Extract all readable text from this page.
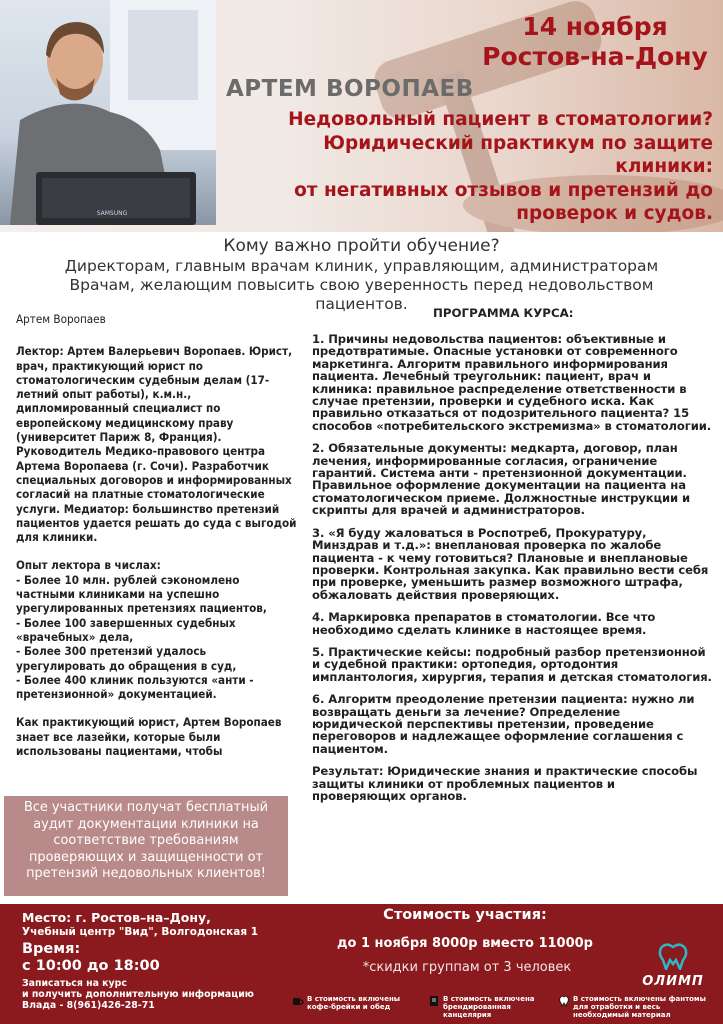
SAMSUNG
14 ноября
Ростов-на-Дону
АРТЕМ ВОРОПАЕВ
Недовольный пациент в стоматологии?
Юридический практикум по защите
клиники:
от негативных отзывов и претензий до
проверок и судов.
Кому важно пройти обучение?
Директорам, главным врачам клиник, управляющим, администраторам
Врачам, желающим повысить свою уверенность перед недовольством
пациентов.

Артем Воропаев

Лектор: Артем Валерьевич Воропаев. Юрист, врач, практикующий юрист по стоматологическим судебным делам (17-летний опыт работы), к.м.н., дипломированный специалист по европейскому медицинскому праву (университет Париж 8, Франция). Руководитель Медико-правового центра Артема Воропаева (г. Сочи). Разработчик специальных договоров и информированных согласий на платные стоматологические услуги. Медиатор: большинство претензий пациентов удается решать до суда с выгодой для клиники.

Опыт лектора в числах:
- Более 10 млн. рублей сэкономлено частными клиниками на успешно урегулированных претензиях пациентов,
- Более 100 завершенных судебных «врачебных» дела,
- Более 300 претензий удалось урегулировать до обращения в суд,
- Более 400 клиник пользуются «анти - претензионной» документацией.

Как практикующий юрист, Артем Воропаев знает все лазейки, которые были использованы пациентами, чтобы

Все участники получат бесплатный аудит документации клиники на соответствие требованиям проверяющих и защищенности от претензий недовольных клиентов!
ПРОГРАММА КУРСА:
1. Причины недовольства пациентов: объективные и предотвратимые. Опасные установки от современного маркетинга. Алгоритм правильного информирования пациента. Лечебный треугольник: пациент, врач и клиника: правильное распределение ответственности в случае претензии, проверки и судебного иска. Как правильно отказаться от подозрительного пациента? 15 способов «потребительского экстремизма» в стоматологии.
2. Обязательные документы: медкарта, договор, план лечения, информированные согласия, ограничение гарантий. Система анти - претензионной документации. Правильное оформление документации на пациента на стоматологическом приеме. Должностные инструкции и скрипты для врачей и администраторов.
3. «Я буду жаловаться в Роспотреб, Прокуратуру, Минздрав и т.д.»: внеплановая проверка по жалобе пациента - к чему готовиться? Плановые и внеплановые проверки. Контрольная закупка. Как правильно вести себя при проверке, уменьшить размер возможного штрафа, обжаловать действия проверяющих.
4. Маркировка препаратов в стоматологии. Все что необходимо сделать клинике в настоящее время.
5. Практические кейсы: подробный разбор претензионной и судебной практики: ортопедия, ортодонтия имплантология, хирургия, терапия и детская стоматология.
6. Алгоритм преодоление претензии пациента: нужно ли возвращать деньги за лечение? Определение юридической перспективы претензии, проведение переговоров и надлежащее оформление соглашения с пациентом.
Результат: Юридические знания и практические способы защиты клиники от проблемных пациентов и проверяющих органов.
Место: г. Ростов–на–Дону,
Учебный центр "Вид", Волгодонская 1
Время:
с 10:00 до 18:00
Записаться на курс
и получить дополнительную информацию
Влада - 8(961)426-28-71
Стоимость участия:
до 1 ноября 8000р вместо 11000р
*скидки группам от 3 человек
ОЛИМП
В стоимость включены кофе-брейки и обед
В стоимость включена брендированная канцелярия
В стоимость включены фантомы для отработки и весь необходимый материал
